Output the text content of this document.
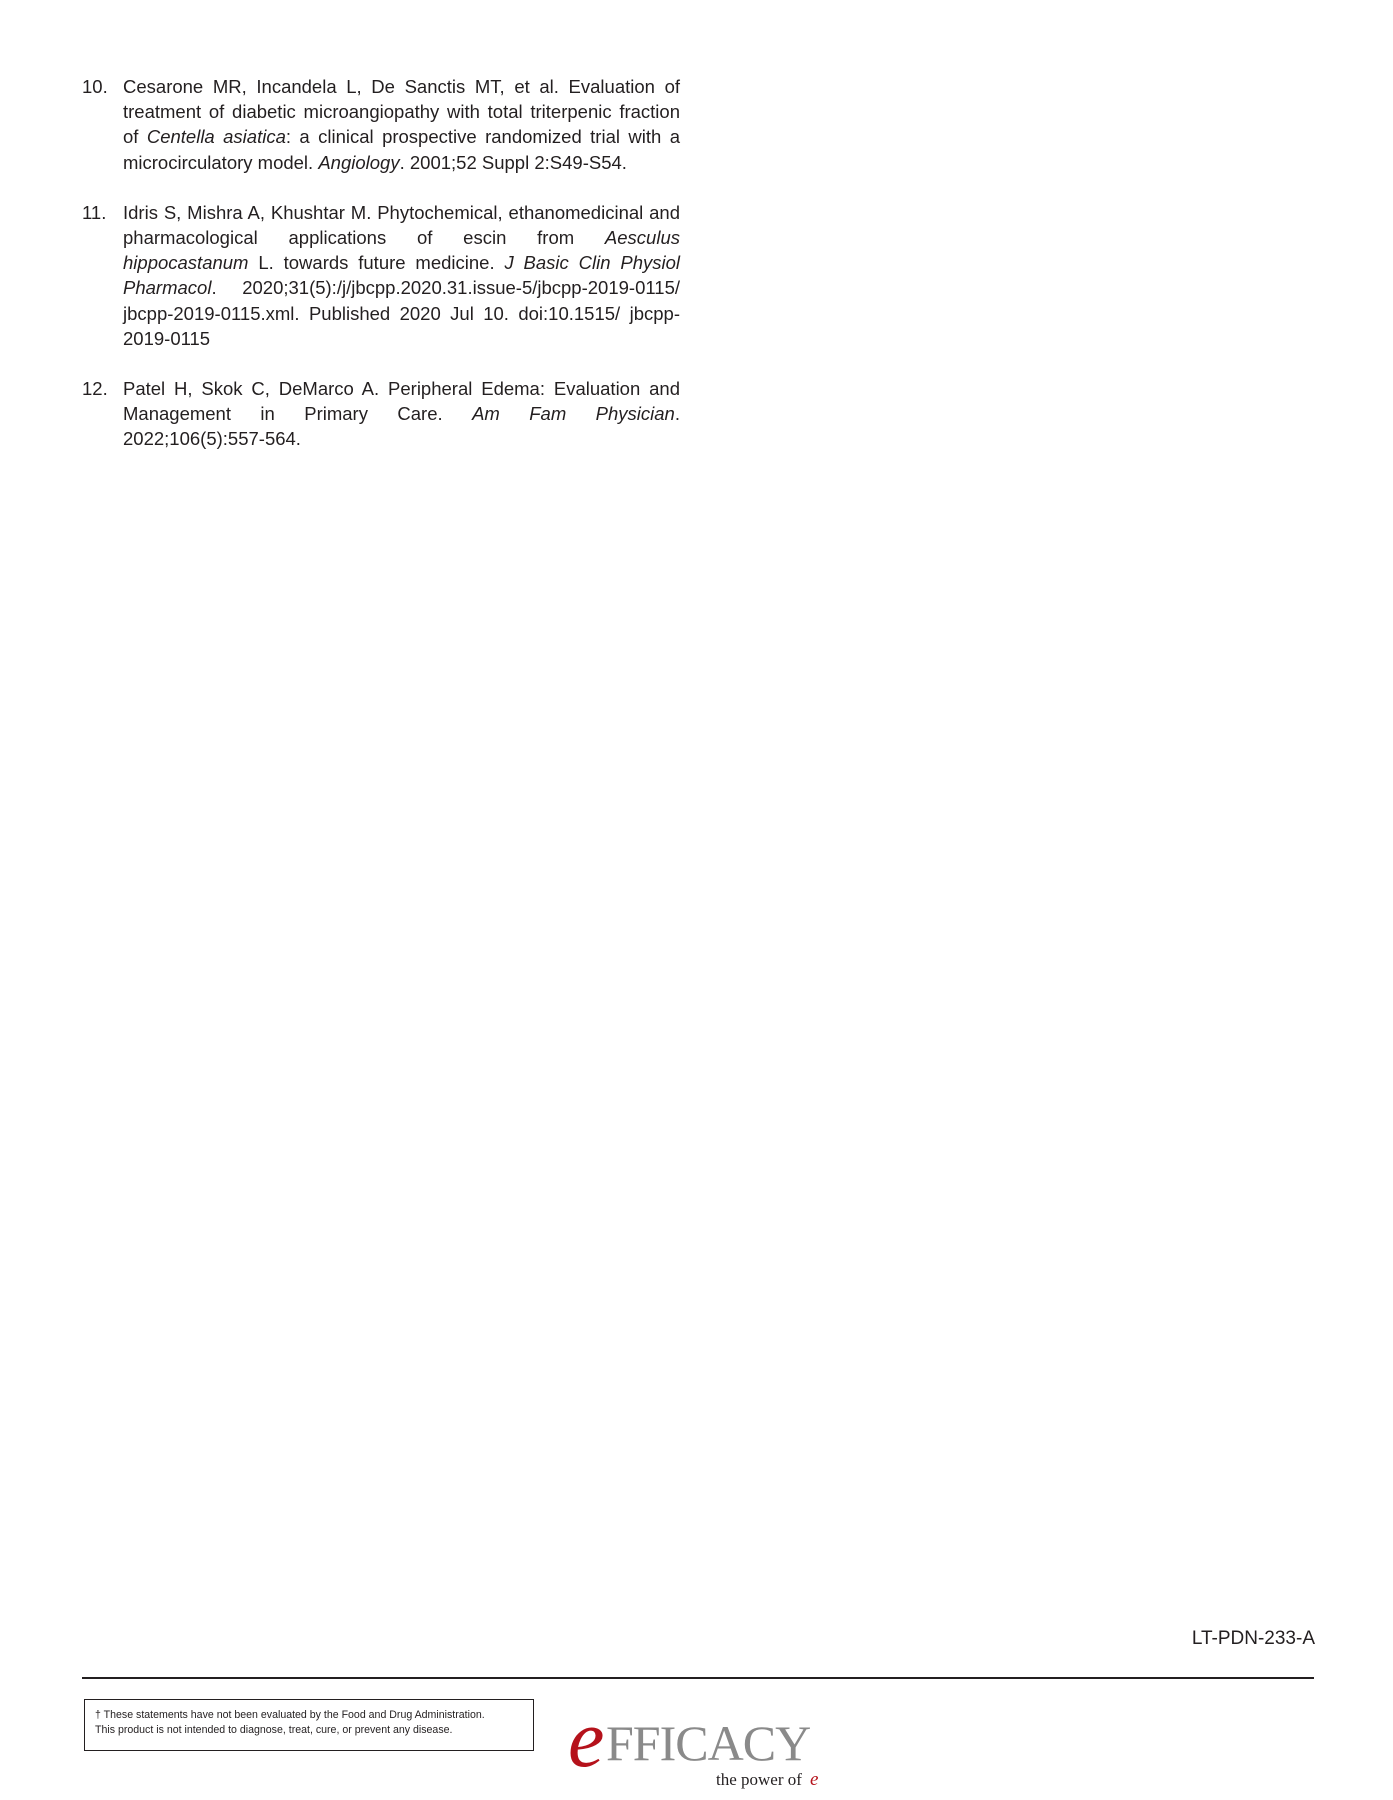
10. Cesarone MR, Incandela L, De Sanctis MT, et al. Evaluation of treatment of diabetic microangiopathy with total triterpenic fraction of Centella asiatica: a clinical prospective randomized trial with a microcirculatory model. Angiology. 2001;52 Suppl 2:S49-S54.
11. Idris S, Mishra A, Khushtar M. Phytochemical, ethanomedicinal and pharmacological applications of escin from Aesculus hippocastanum L. towards future medicine. J Basic Clin Physiol Pharmacol. 2020;31(5):/j/jbcpp.2020.31.issue-5/jbcpp-2019-0115/ jbcpp-2019-0115.xml. Published 2020 Jul 10. doi:10.1515/ jbcpp-2019-0115
12. Patel H, Skok C, DeMarco A. Peripheral Edema: Evaluation and Management in Primary Care. Am Fam Physician. 2022;106(5):557-564.
LT-PDN-233-A
† These statements have not been evaluated by the Food and Drug Administration.
This product is not intended to diagnose, treat, cure, or prevent any disease.	e FFICACY
the power of e
